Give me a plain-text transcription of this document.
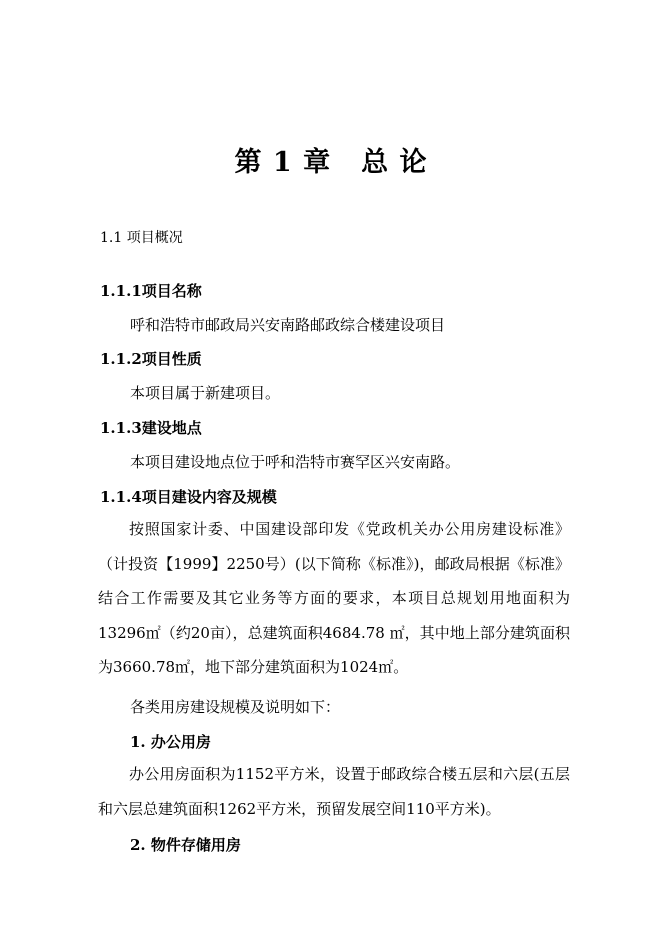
第 1 章 总 论
1.1 项目概况
1.1.1项目名称
呼和浩特市邮政局兴安南路邮政综合楼建设项目
1.1.2项目性质
本项目属于新建项目。
1.1.3建设地点
本项目建设地点位于呼和浩特市赛罕区兴安南路。
1.1.4项目建设内容及规模
按照国家计委、中国建设部印发《党政机关办公用房建设标准》（计投资【1999】2250号）(以下简称《标准》)，邮政局根据《标准》结合工作需要及其它业务等方面的要求，本项目总规划用地面积为13296㎡（约20亩），总建筑面积4684.78 ㎡，其中地上部分建筑面积为3660.78㎡，地下部分建筑面积为1024㎡。
各类用房建设规模及说明如下：
1. 办公用房
办公用房面积为1152平方米，设置于邮政综合楼五层和六层(五层和六层总建筑面积1262平方米，预留发展空间110平方米)。
2. 物件存储用房
